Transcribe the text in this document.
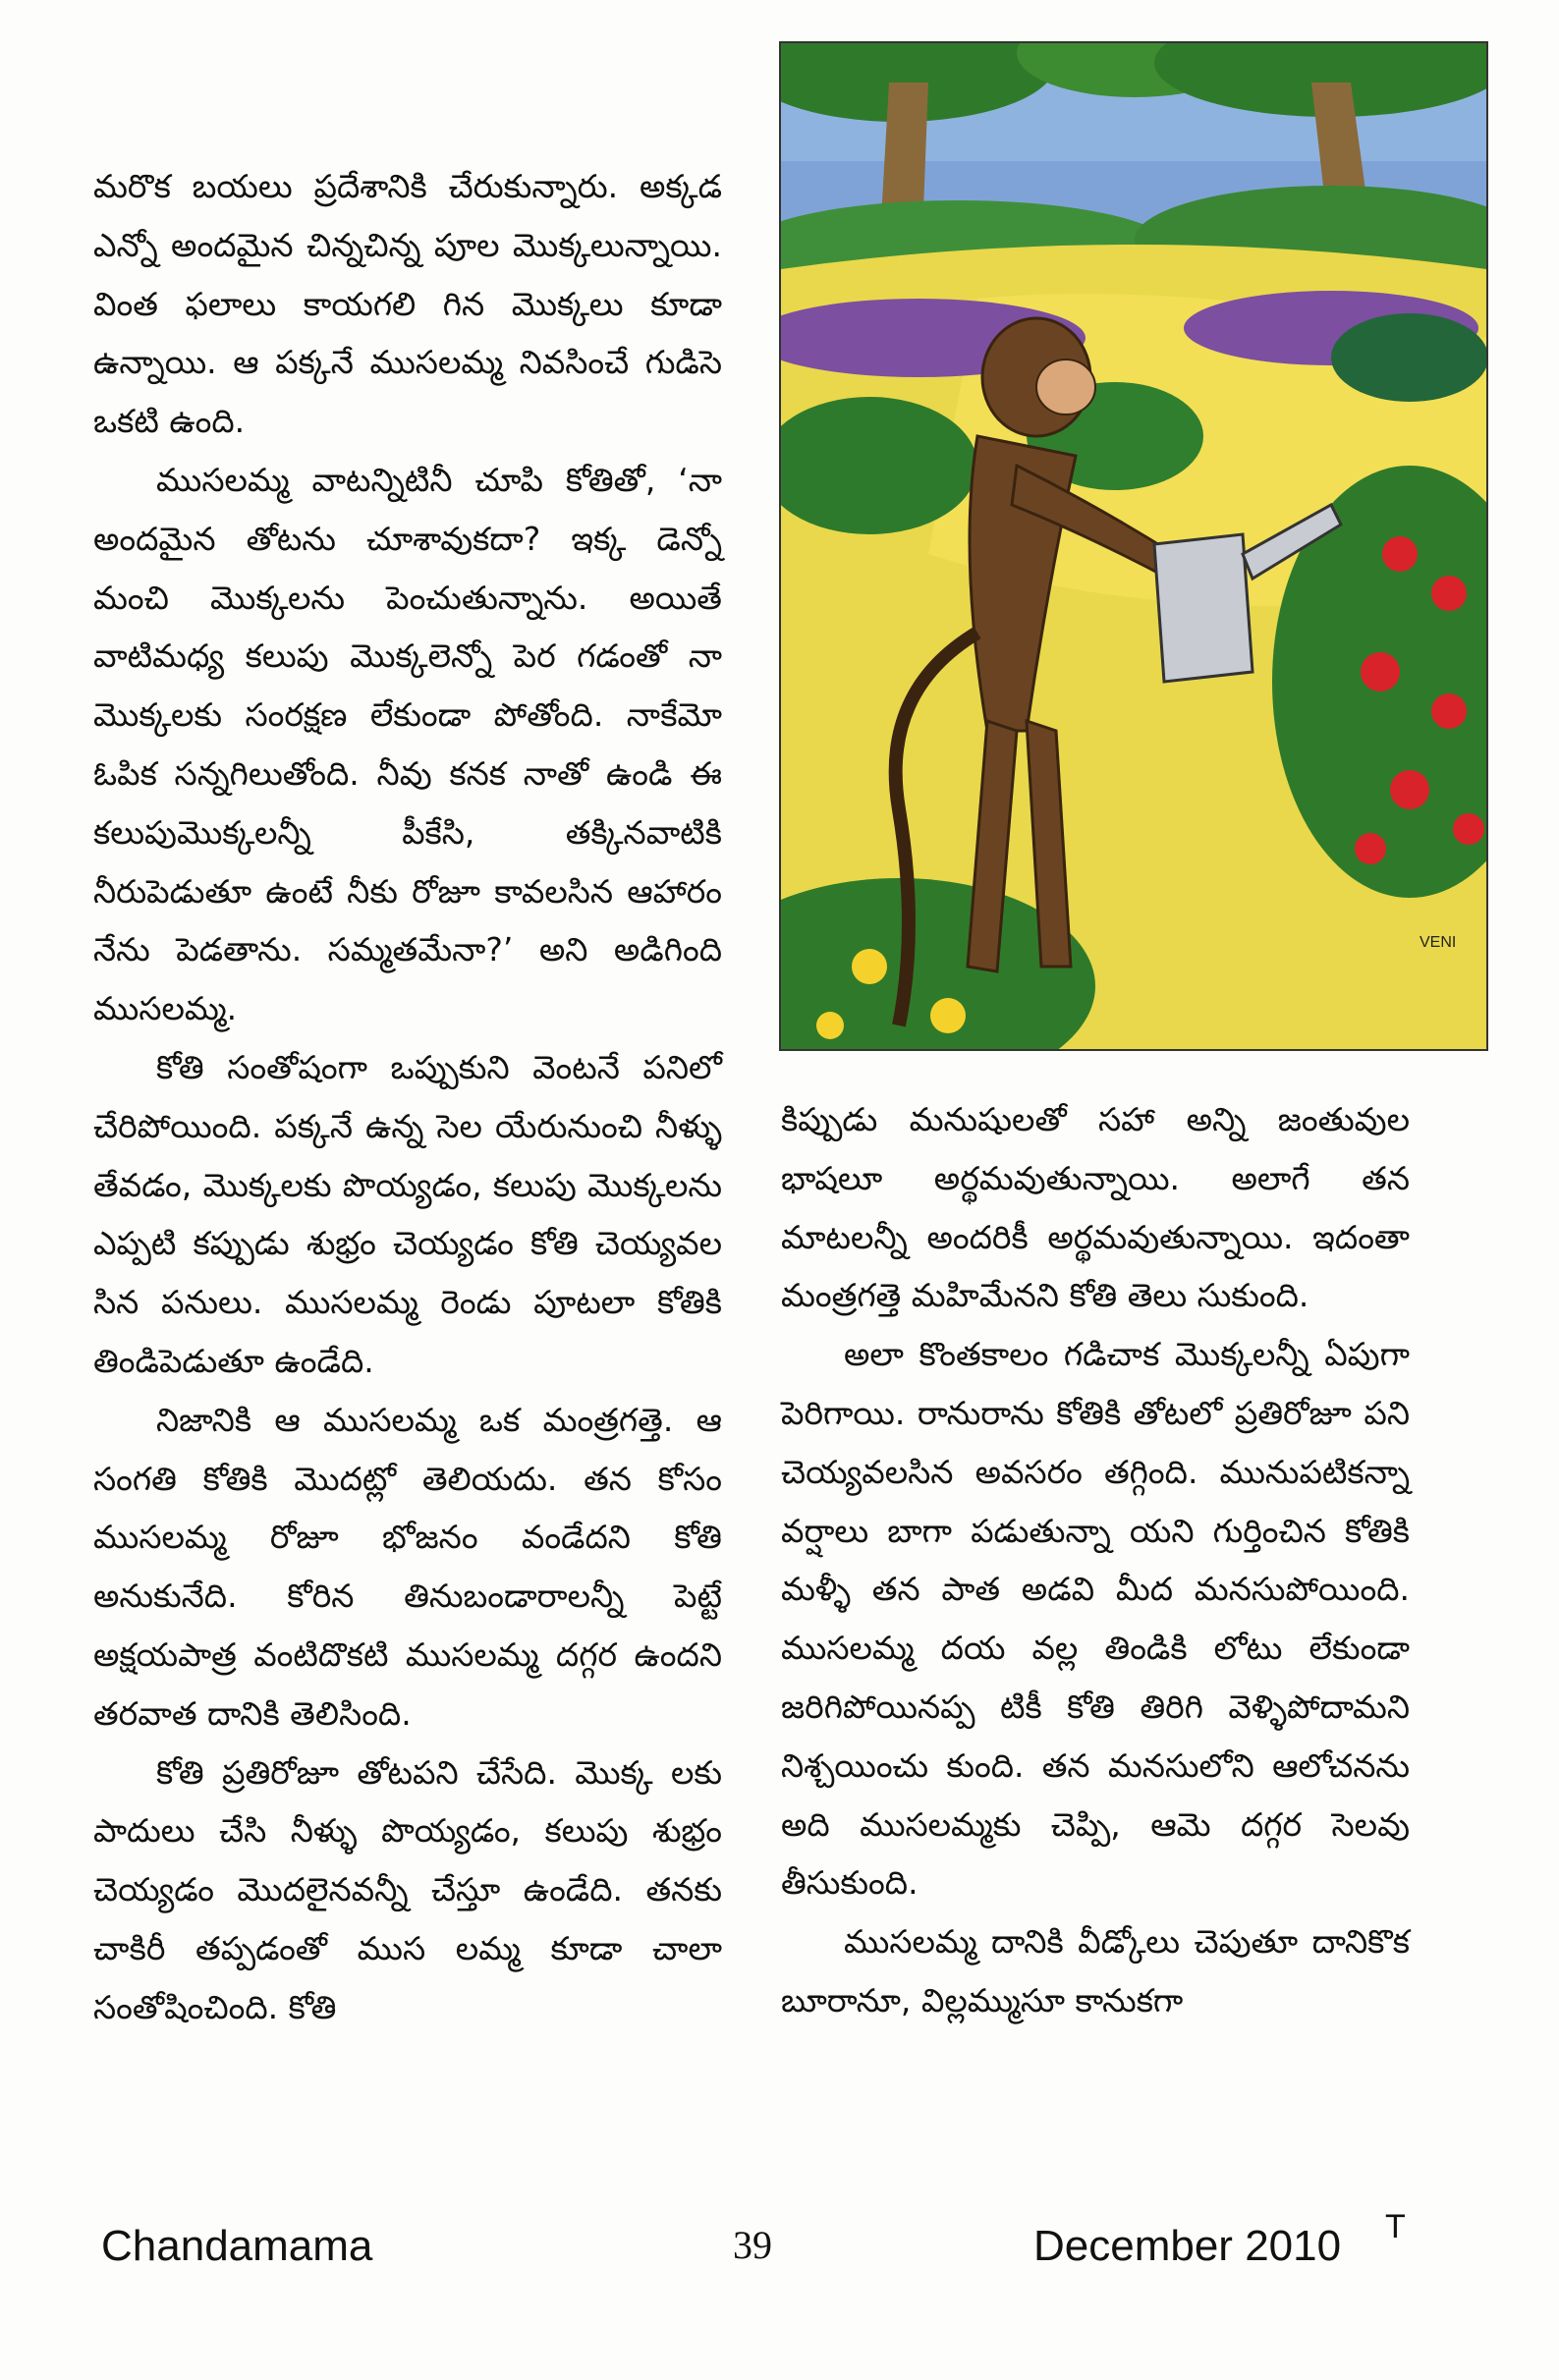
మరొక బయలు ప్రదేశానికి చేరుకున్నారు. అక్కడ ఎన్నో అందమైన చిన్నచిన్న పూల మొక్కలున్నాయి. వింత ఫలాలు కాయగలి గిన మొక్కలు కూడా ఉన్నాయి. ఆ పక్కనే ముసలమ్మ నివసించే గుడిసె ఒకటి ఉంది.

ముసలమ్మ వాటన్నిటినీ చూపి కోతితో, ‘నా అందమైన తోటను చూశావుకదా? ఇక్క డెన్నో మంచి మొక్కలను పెంచుతున్నాను. అయితే వాటిమధ్య కలుపు మొక్కలెన్నో పెర గడంతో నా మొక్కలకు సంరక్షణ లేకుండా పోతోంది. నాకేమో ఓపిక సన్నగిలుతోంది. నీవు కనక నాతో ఉండి ఈ కలుపుమొక్కలన్నీ పీకేసి, తక్కినవాటికి నీరుపెడుతూ ఉంటే నీకు రోజూ కావలసిన ఆహారం నేను పెడతాను. సమ్మతమేనా?’ అని అడిగింది ముసలమ్మ.

కోతి సంతోషంగా ఒప్పుకుని వెంటనే పనిలో చేరిపోయింది. పక్కనే ఉన్న సెల యేరునుంచి నీళ్ళు తేవడం, మొక్కలకు పొయ్యడం, కలుపు మొక్కలను ఎప్పటి కప్పుడు శుభ్రం చెయ్యడం కోతి చెయ్యవల సిన పనులు. ముసలమ్మ రెండు పూటలా కోతికి తిండిపెడుతూ ఉండేది.

నిజానికి ఆ ముసలమ్మ ఒక మంత్రగత్తె. ఆ సంగతి కోతికి మొదట్లో తెలియదు. తన కోసం ముసలమ్మ రోజూ భోజనం వండేదని కోతి అనుకునేది. కోరిన తినుబండారాలన్నీ పెట్టే అక్షయపాత్ర వంటిదొకటి ముసలమ్మ దగ్గర ఉందని తరవాత దానికి తెలిసింది.

కోతి ప్రతిరోజూ తోటపని చేసేది. మొక్క లకు పాదులు చేసి నీళ్ళు పొయ్యడం, కలుపు శుభ్రం చెయ్యడం మొదలైనవన్నీ చేస్తూ ఉండేది. తనకు చాకిరీ తప్పడంతో ముస లమ్మ కూడా చాలా సంతోషించింది. కోతి

VENI

కిప్పుడు మనుషులతో సహా అన్ని జంతువుల భాషలూ అర్థమవుతున్నాయి. అలాగే తన మాటలన్నీ అందరికీ అర్థమవుతున్నాయి. ఇదంతా మంత్రగత్తె మహిమేనని కోతి తెలు సుకుంది.

అలా కొంతకాలం గడిచాక మొక్కలన్నీ ఏపుగా పెరిగాయి. రానురాను కోతికి తోటలో ప్రతిరోజూ పని చెయ్యవలసిన అవసరం తగ్గింది. మునుపటికన్నా వర్షాలు బాగా పడుతున్నా యని గుర్తించిన కోతికి మళ్ళీ తన పాత అడవి మీద మనసుపోయింది. ముసలమ్మ దయ వల్ల తిండికి లోటు లేకుండా జరిగిపోయినప్ప టికీ కోతి తిరిగి వెళ్ళిపోదామని నిశ్చయించు కుంది. తన మనసులోని ఆలోచనను అది ముసలమ్మకు చెప్పి, ఆమె దగ్గర సెలవు తీసుకుంది.

ముసలమ్మ దానికి వీడ్కోలు చెపుతూ దానికొక బూరానూ, విల్లమ్ముసూ కానుకగా

Chandamama	39	December 2010 T
